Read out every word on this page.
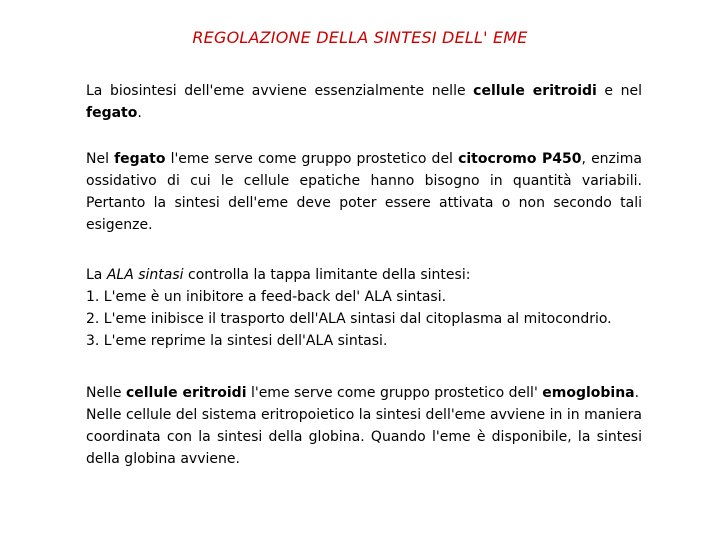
REGOLAZIONE DELLA SINTESI DELL' EME

La biosintesi dell'eme avviene essenzialmente nelle cellule eritroidi e nel fegato.

Nel fegato l'eme serve come gruppo prostetico del citocromo P450, enzima ossidativo di cui le cellule epatiche hanno bisogno in quantità variabili. Pertanto la sintesi dell'eme deve poter essere attivata o non secondo tali esigenze.

La ALA sintasi controlla la tappa limitante della sintesi:
1. L'eme è un inibitore a feed-back del' ALA sintasi.
2. L'eme inibisce il trasporto dell'ALA sintasi dal citoplasma al mitocondrio.
3. L'eme reprime la sintesi dell'ALA sintasi.
Nelle cellule eritroidi l'eme serve come gruppo prostetico dell' emoglobina.
Nelle cellule del sistema eritropoietico la sintesi dell'eme avviene in in maniera coordinata con la sintesi della globina. Quando l'eme è disponibile, la sintesi della globina avviene.
